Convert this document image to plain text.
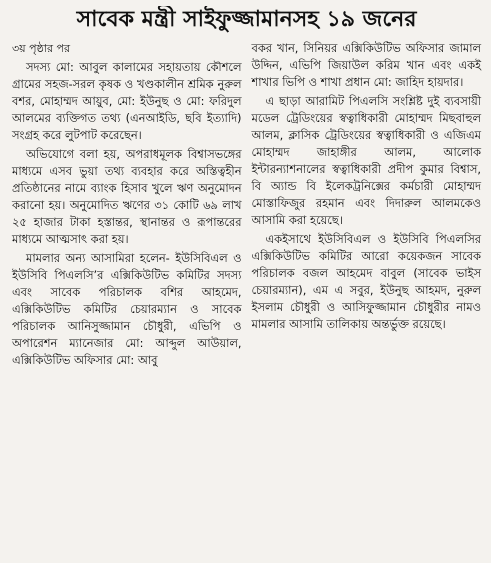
সাবেক মন্ত্রী সাইফুজ্জামানসহ ১৯ জনের

৩য় পৃষ্ঠার পর

সদস্য মো: আবুল কালামের সহায়তায় কৌশলে গ্রামের সহজ-সরল কৃষক ও খণ্ডকালীন শ্রমিক নুরুল বশর, মোহাম্মদ আয়ুব, মো: ইউনুছ ও মো: ফরিদুল আলমের ব্যক্তিগত তথ্য (এনআইডি, ছবি ইত্যাদি) সংগ্রহ করে লুটপাট করেছেন।

অভিযোগে বলা হয়, অপরাধমূলক বিশ্বাসভঙ্গের মাধ্যমে এসব ভুয়া তথ্য ব্যবহার করে অস্তিত্বহীন প্রতিষ্ঠানের নামে ব্যাংক হিসাব খুলে ঋণ অনুমোদন করানো হয়। অনুমোদিত ঋণের ৩১ কোটি ৬৯ লাখ ২৫ হাজার টাকা হস্তান্তর, স্থানান্তর ও রূপান্তরের মাধ্যমে আত্মসাৎ করা হয়।

মামলার অন্য আসামিরা হলেন- ইউসিবিএল ও ইউসিবি পিএলসি’র এক্সিকিউটিভ কমিটির সদস্য এবং সাবেক পরিচালক বশির আহমেদ, এক্সিকিউটিভ কমিটির চেয়ারম্যান ও সাবেক পরিচালক আনিসুজ্জামান চৌধুরী, এভিপি ও অপারেশন ম্যানেজার মো: আব্দুল আউয়াল, এক্সিকিউটিভ অফিসার মো: আবু

বকর খান, সিনিয়র এক্সিকিউটিভ অফিসার জামাল উদ্দিন, এভিপি জিয়াউল করিম খান এবং একই শাখার ভিপি ও শাখা প্রধান মো: জাহিদ হায়দার।

এ ছাড়া আরামিট পিএলসি সংশ্লিষ্ট দুই ব্যবসায়ী মডেল ট্রেডিংয়ের স্বত্বাধিকারী মোহাম্মদ মিছবাহুল আলম, ক্লাসিক ট্রেডিংয়ের স্বত্বাধিকারী ও এজিএম মোহাম্মদ জাহাঙ্গীর আলম, আলোক ইন্টারন্যাশনালের স্বত্বাধিকারী প্রদীপ কুমার বিশ্বাস, বি অ্যান্ড বি ইলেকট্রনিক্সের কর্মচারী মোহাম্মদ মোস্তাফিজুর রহমান এবং দিদারুল আলমকেও আসামি করা হয়েছে।

একইসাথে ইউসিবিএল ও ইউসিবি পিএলসির এক্সিকিউটিভ কমিটির আরো কয়েকজন সাবেক পরিচালক বজল আহমেদ বাবুল (সাবেক ভাইস চেয়ারম্যান), এম এ সবুর, ইউনুছ আহমদ, নুরুল ইসলাম চৌধুরী ও আসিফুজ্জামান চৌধুরীর নামও মামলার আসামি তালিকায় অন্তর্ভুক্ত রয়েছে।
